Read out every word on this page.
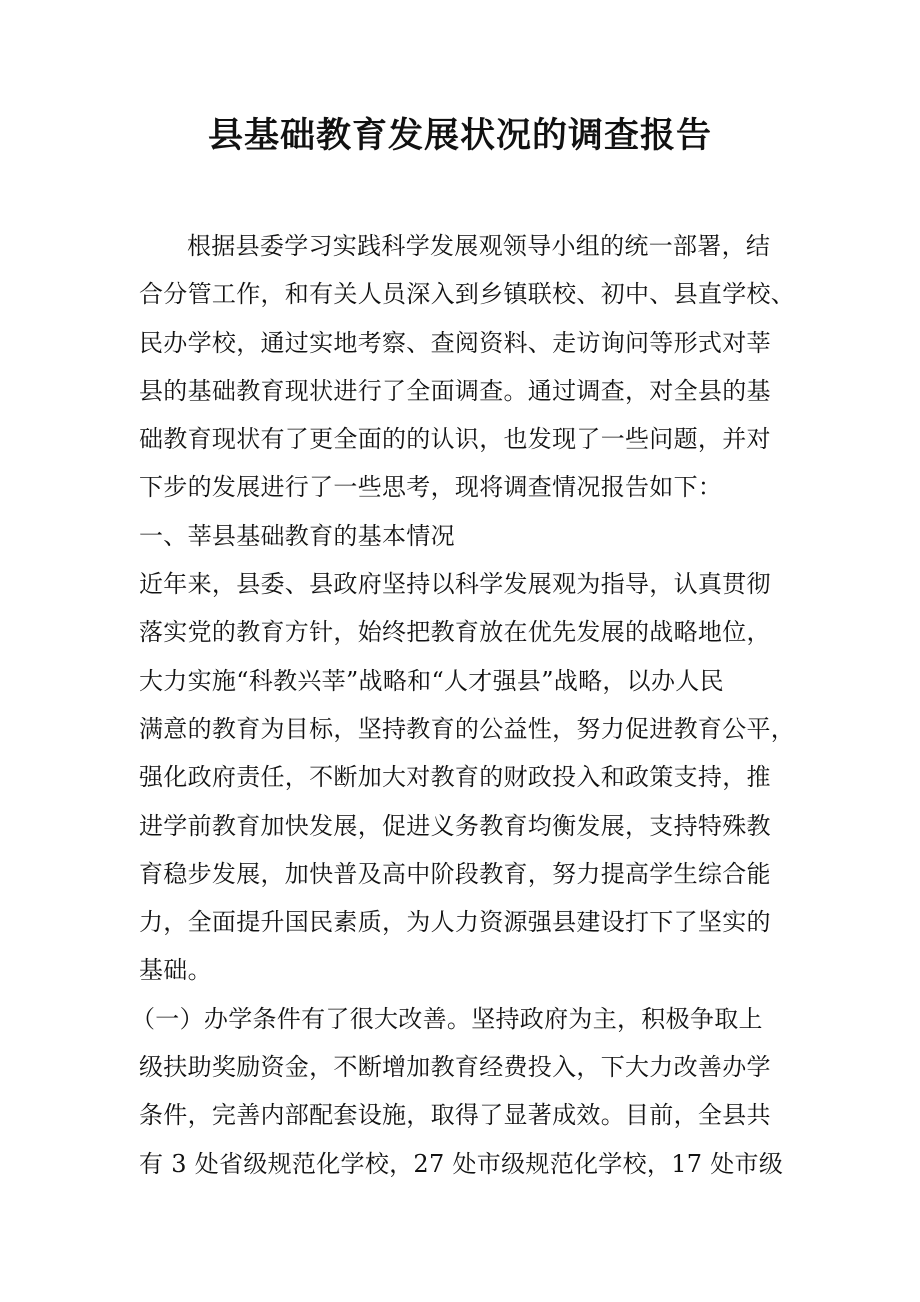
县基础教育发展状况的调查报告
根据县委学习实践科学发展观领导小组的统一部署，结
合分管工作，和有关人员深入到乡镇联校、初中、县直学校、
民办学校，通过实地考察、查阅资料、走访询问等形式对莘
县的基础教育现状进行了全面调查。通过调查，对全县的基
础教育现状有了更全面的的认识，也发现了一些问题，并对
下步的发展进行了一些思考，现将调查情况报告如下：
一、莘县基础教育的基本情况
近年来，县委、县政府坚持以科学发展观为指导，认真贯彻
落实党的教育方针，始终把教育放在优先发展的战略地位，
大力实施“科教兴莘”战略和“人才强县”战略，以办人民
满意的教育为目标，坚持教育的公益性，努力促进教育公平，
强化政府责任，不断加大对教育的财政投入和政策支持，推
进学前教育加快发展，促进义务教育均衡发展，支持特殊教
育稳步发展，加快普及高中阶段教育，努力提高学生综合能
力，全面提升国民素质，为人力资源强县建设打下了坚实的
基础。
（一）办学条件有了很大改善。坚持政府为主，积极争取上
级扶助奖励资金，不断增加教育经费投入，下大力改善办学
条件，完善内部配套设施，取得了显著成效。目前，全县共
有 3 处省级规范化学校，27 处市级规范化学校，17 处市级
